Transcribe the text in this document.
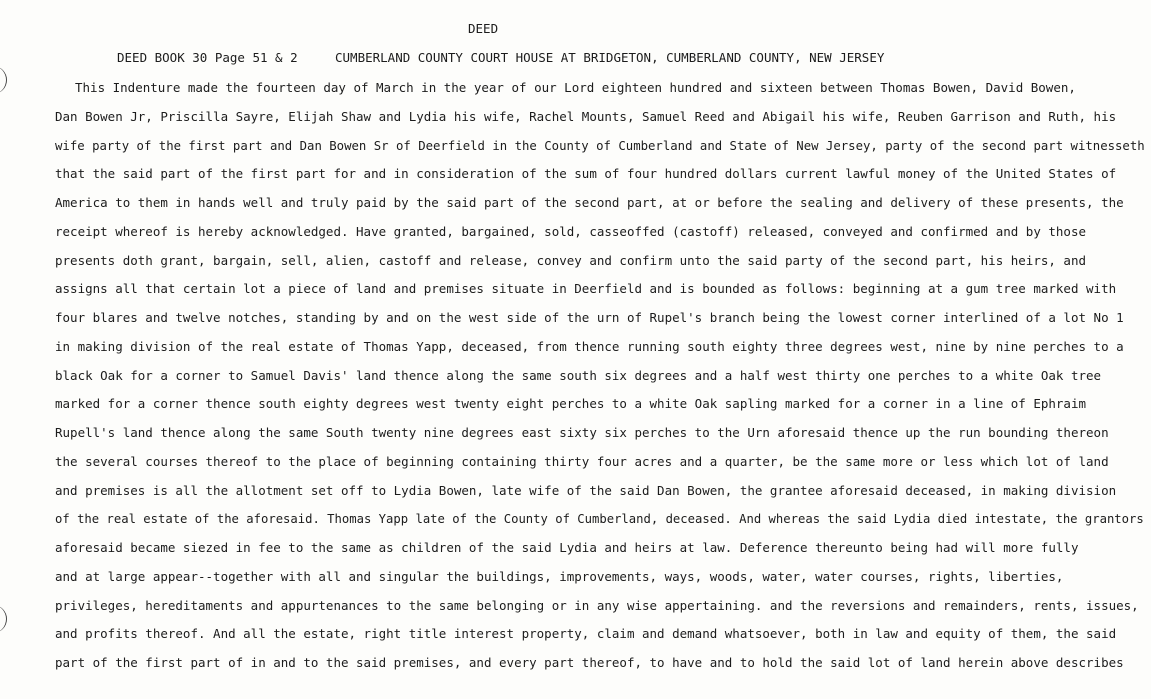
DEED
DEED BOOK 30 Page 51 & 2	CUMBERLAND COUNTY COURT HOUSE AT BRIDGETON, CUMBERLAND COUNTY, NEW JERSEY
This Indenture made the fourteen day of March in the year of our Lord eighteen hundred and sixteen between Thomas Bowen, David Bowen,
Dan Bowen Jr, Priscilla Sayre, Elijah Shaw and Lydia his wife, Rachel Mounts, Samuel Reed and Abigail his wife, Reuben Garrison and Ruth, his
wife party of the first part and Dan Bowen Sr of Deerfield in the County of Cumberland and State of New Jersey, party of the second part witnesseth
that the said part of the first part for and in consideration of the sum of four hundred dollars current lawful money of the United States of
America to them in hands well and truly paid by the said part of the second part, at or before the sealing and delivery of these presents, the
receipt whereof is hereby acknowledged. Have granted, bargained, sold, casseoffed (castoff) released, conveyed and confirmed and by those
presents doth grant, bargain, sell, alien, castoff and release, convey and confirm unto the said party of the second part, his heirs, and
assigns all that certain lot a piece of land and premises situate in Deerfield and is bounded as follows: beginning at a gum tree marked with
four blares and twelve notches, standing by and on the west side of the urn of Rupel's branch being the lowest corner interlined of a lot No 1
in making division of the real estate of Thomas Yapp, deceased, from thence running south eighty three degrees west, nine by nine perches to a
black Oak for a corner to Samuel Davis' land thence along the same south six degrees and a half west thirty one perches to a white Oak tree
marked for a corner thence south eighty degrees west twenty eight perches to a white Oak sapling marked for a corner in a line of Ephraim
Rupell's land thence along the same South twenty nine degrees east sixty six perches to the Urn aforesaid thence up the run bounding thereon
the several courses thereof to the place of beginning containing thirty four acres and a quarter, be the same more or less which lot of land
and premises is all the allotment set off to Lydia Bowen, late wife of the said Dan Bowen, the grantee aforesaid deceased, in making division
of the real estate of the aforesaid. Thomas Yapp late of the County of Cumberland, deceased. And whereas the said Lydia died intestate, the grantors
aforesaid became siezed in fee to the same as children of the said Lydia and heirs at law. Deference thereunto being had will more fully
and at large appear--together with all and singular the buildings, improvements, ways, woods, water, water courses, rights, liberties,
privileges, hereditaments and appurtenances to the same belonging or in any wise appertaining. and the reversions and remainders, rents, issues,
and profits thereof. And all the estate, right title interest property, claim and demand whatsoever, both in law and equity of them, the said
part of the first part of in and to the said premises, and every part thereof, to have and to hold the said lot of land herein above describes
